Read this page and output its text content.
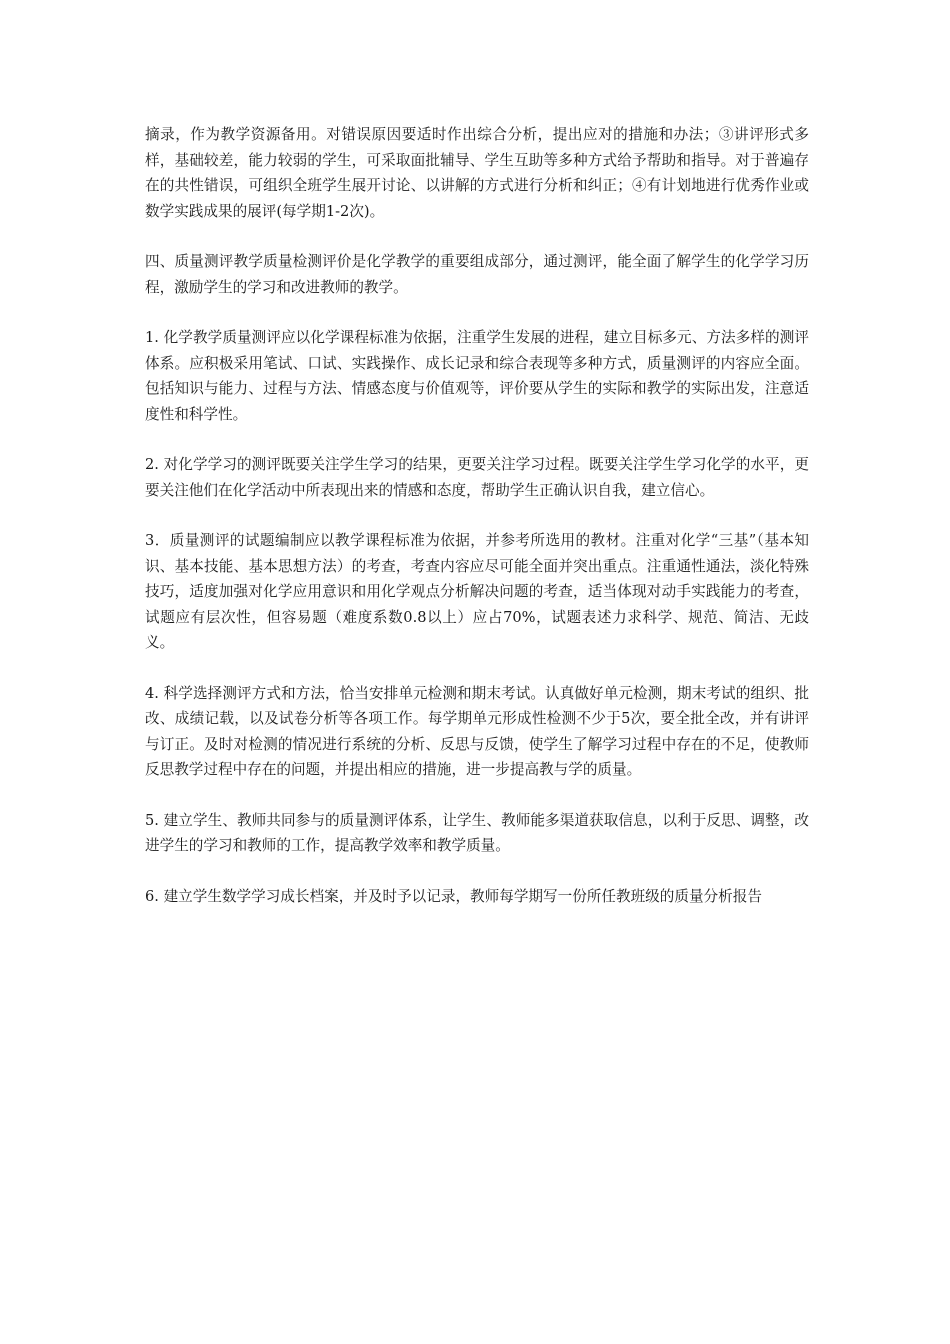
摘录，作为教学资源备用。对错误原因要适时作出综合分析，提出应对的措施和办法；③讲评形式多样，基础较差，能力较弱的学生，可采取面批辅导、学生互助等多种方式给予帮助和指导。对于普遍存在的共性错误，可组织全班学生展开讨论、以讲解的方式进行分析和纠正；④有计划地进行优秀作业或数学实践成果的展评(每学期1-2次)。

四、质量测评教学质量检测评价是化学教学的重要组成部分，通过测评，能全面了解学生的化学学习历程，激励学生的学习和改进教师的教学。

1. 化学教学质量测评应以化学课程标准为依据，注重学生发展的进程，建立目标多元、方法多样的测评体系。应积极采用笔试、口试、实践操作、成长记录和综合表现等多种方式，质量测评的内容应全面。包括知识与能力、过程与方法、情感态度与价值观等，评价要从学生的实际和教学的实际出发，注意适度性和科学性。

2. 对化学学习的测评既要关注学生学习的结果，更要关注学习过程。既要关注学生学习化学的水平，更要关注他们在化学活动中所表现出来的情感和态度，帮助学生正确认识自我，建立信心。

3．质量测评的试题编制应以教学课程标准为依据，并参考所选用的教材。注重对化学“三基”（基本知识、基本技能、基本思想方法）的考查，考查内容应尽可能全面并突出重点。注重通性通法，淡化特殊技巧，适度加强对化学应用意识和用化学观点分析解决问题的考查，适当体现对动手实践能力的考查，试题应有层次性，但容易题（难度系数0.8以上）应占70%，试题表述力求科学、规范、简洁、无歧义。

4. 科学选择测评方式和方法，恰当安排单元检测和期末考试。认真做好单元检测，期末考试的组织、批改、成绩记载，以及试卷分析等各项工作。每学期单元形成性检测不少于5次，要全批全改，并有讲评与订正。及时对检测的情况进行系统的分析、反思与反馈，使学生了解学习过程中存在的不足，使教师反思教学过程中存在的问题，并提出相应的措施，进一步提高教与学的质量。

5. 建立学生、教师共同参与的质量测评体系，让学生、教师能多渠道获取信息，以利于反思、调整，改进学生的学习和教师的工作，提高教学效率和教学质量。

6. 建立学生数学学习成长档案，并及时予以记录，教师每学期写一份所任教班级的质量分析报告
